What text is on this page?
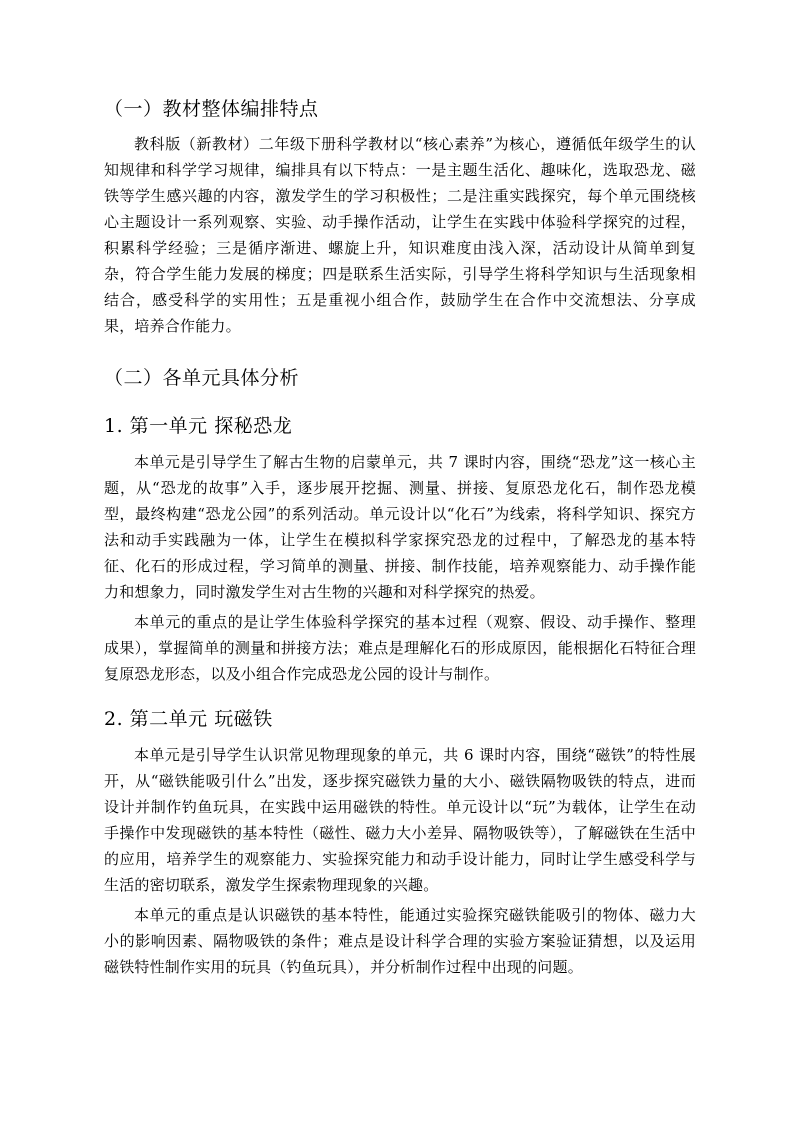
（一）教材整体编排特点

教科版（新教材）二年级下册科学教材以“核心素养”为核心，遵循低年级学生的认知规律和科学学习规律，编排具有以下特点：一是主题生活化、趣味化，选取恐龙、磁铁等学生感兴趣的内容，激发学生的学习积极性；二是注重实践探究，每个单元围绕核心主题设计一系列观察、实验、动手操作活动，让学生在实践中体验科学探究的过程，积累科学经验；三是循序渐进、螺旋上升，知识难度由浅入深，活动设计从简单到复杂，符合学生能力发展的梯度；四是联系生活实际，引导学生将科学知识与生活现象相结合，感受科学的实用性；五是重视小组合作，鼓励学生在合作中交流想法、分享成果，培养合作能力。

（二）各单元具体分析
1. 第一单元 探秘恐龙

本单元是引导学生了解古生物的启蒙单元，共 7 课时内容，围绕“恐龙”这一核心主题，从“恐龙的故事”入手，逐步展开挖掘、测量、拼接、复原恐龙化石，制作恐龙模型，最终构建“恐龙公园”的系列活动。单元设计以“化石”为线索，将科学知识、探究方法和动手实践融为一体，让学生在模拟科学家探究恐龙的过程中，了解恐龙的基本特征、化石的形成过程，学习简单的测量、拼接、制作技能，培养观察能力、动手操作能力和想象力，同时激发学生对古生物的兴趣和对科学探究的热爱。

本单元的重点的是让学生体验科学探究的基本过程（观察、假设、动手操作、整理成果），掌握简单的测量和拼接方法；难点是理解化石的形成原因，能根据化石特征合理复原恐龙形态，以及小组合作完成恐龙公园的设计与制作。

2. 第二单元 玩磁铁

本单元是引导学生认识常见物理现象的单元，共 6 课时内容，围绕“磁铁”的特性展开，从“磁铁能吸引什么”出发，逐步探究磁铁力量的大小、磁铁隔物吸铁的特点，进而设计并制作钓鱼玩具，在实践中运用磁铁的特性。单元设计以“玩”为载体，让学生在动手操作中发现磁铁的基本特性（磁性、磁力大小差异、隔物吸铁等），了解磁铁在生活中的应用，培养学生的观察能力、实验探究能力和动手设计能力，同时让学生感受科学与生活的密切联系，激发学生探索物理现象的兴趣。

本单元的重点是认识磁铁的基本特性，能通过实验探究磁铁能吸引的物体、磁力大小的影响因素、隔物吸铁的条件；难点是设计科学合理的实验方案验证猜想，以及运用磁铁特性制作实用的玩具（钓鱼玩具），并分析制作过程中出现的问题。
